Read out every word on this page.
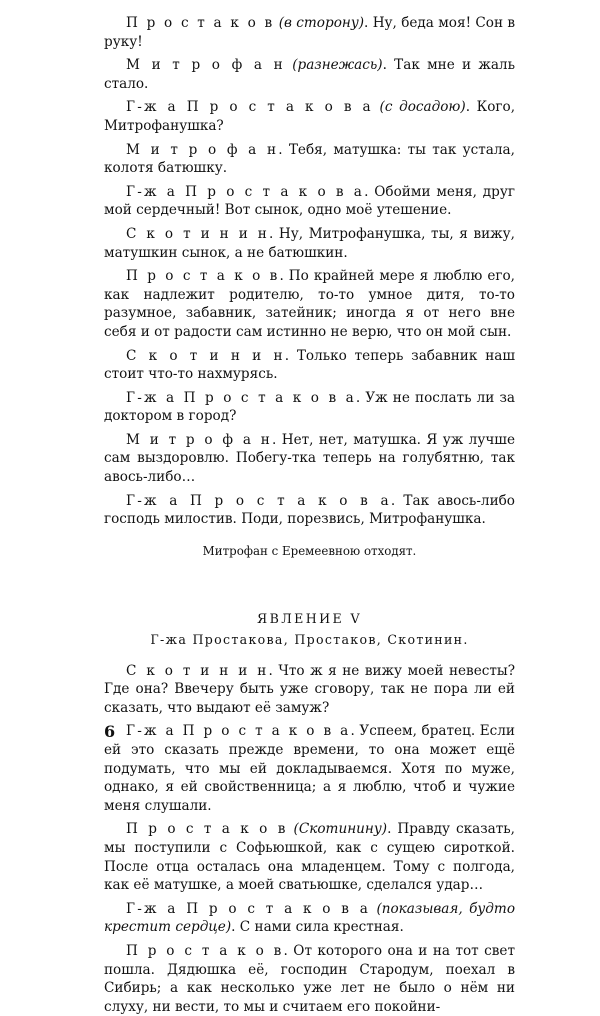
П р о с т а к о в (в сторону). Ну, беда моя! Сон в руку!

М и т р о ф а н (разнежась). Так мне и жаль стало.

Г-ж а П р о с т а к о в а (с досадою). Кого, Митрофанушка?

М и т р о ф а н. Тебя, матушка: ты так устала, колотя батюшку.

Г-ж а П р о с т а к о в а. Обойми меня, друг мой сердечный! Вот сынок, одно моё утешение.

С к о т и н и н. Ну, Митрофанушка, ты, я вижу, матушкин сынок, а не батюшкин.

П р о с т а к о в. По крайней мере я люблю его, как надлежит родителю, то-то умное дитя, то-то разумное, забавник, затейник; иногда я от него вне себя и от радости сам истинно не верю, что он мой сын.

С к о т и н и н. Только теперь забавник наш стоит что-то нахмурясь.

Г-ж а П р о с т а к о в а. Уж не послать ли за доктором в город?

М и т р о ф а н. Нет, нет, матушка. Я уж лучше сам выздоровлю. Побегу-тка теперь на голубятню, так авось-либо…

Г-ж а П р о с т а к о в а. Так авось-либо господь милостив. Поди, порезвись, Митрофанушка.

Митрофан с Еремеевною отходят.

ЯВЛЕНИЕ V

Г-жа Простакова, Простаков, Скотинин.

С к о т и н и н. Что ж я не вижу моей невесты? Где она? Ввечеру быть уже сговору, так не пора ли ей сказать, что выдают её замуж?

Г-ж а П р о с т а к о в а. Успеем, братец. Если ей это сказать прежде времени, то она может ещё подумать, что мы ей докладываемся. Хотя по муже, однако, я ей свойственница; а я люблю, чтоб и чужие меня слушали.

П р о с т а к о в (Скотинину). Правду сказать, мы поступили с Софьюшкой, как с сущею сироткой. После отца осталась она младенцем. Тому с полгода, как её матушке, а моей сватьюшке, сделался удар…

Г-ж а П р о с т а к о в а (показывая, будто крестит сердце). С нами сила крестная.

П р о с т а к о в. От которого она и на тот свет пошла. Дядюшка её, господин Стародум, поехал в Сибирь; а как несколько уже лет не было о нём ни слуху, ни вести, то мы и считаем его покойни-

6
